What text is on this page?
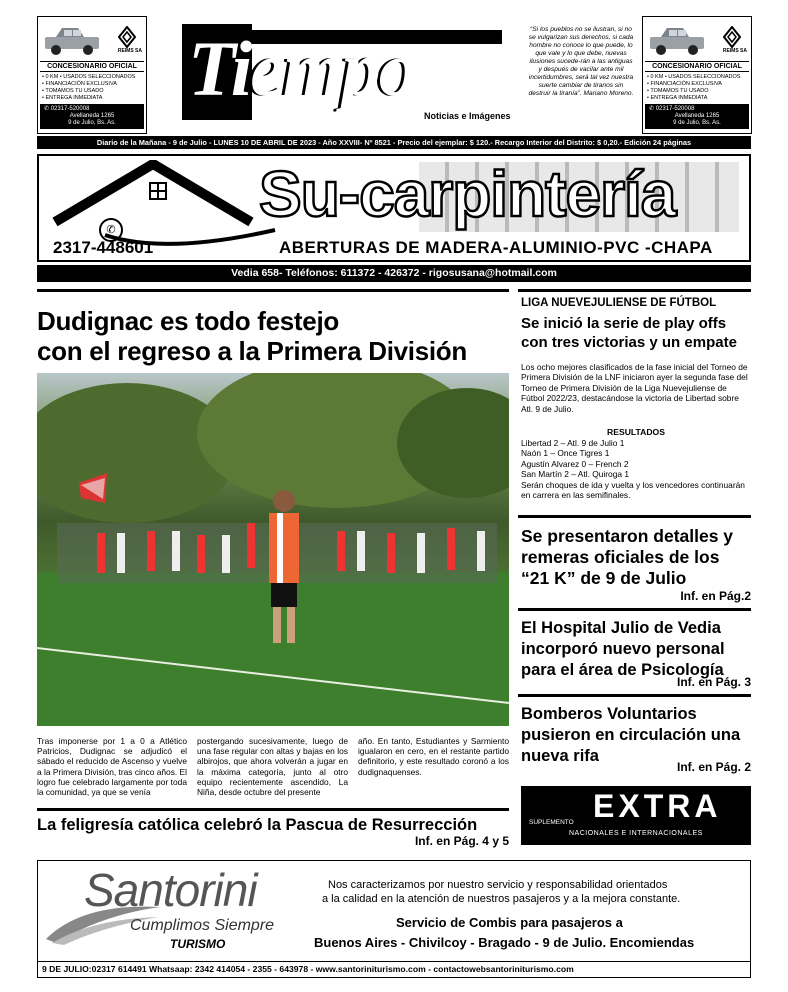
REIMS SA
CONCESIONARIO OFICIAL
• 0 KM • USADOS SELECCIONADOS
• FINANCIACIÓN EXCLUSIVA
• TOMAMOS TU USADO
• ENTREGA INMEDIATA
✆ 02317-520008
Avellaneda 1265
9 de Julio, Bs. As.
REIMS SA
CONCESIONARIO OFICIAL
• 0 KM • USADOS SELECCIONADOS
• FINANCIACIÓN EXCLUSIVA
• TOMAMOS TU USADO
• ENTREGA INMEDIATA
✆ 02317-520008
Avellaneda 1265
9 de Julio, Bs. As.
Tiempo
Noticias e Imágenes
“Si los pueblos no se ilustran, si no se vulgarizan sus derechos, si cada hombre no conoce lo que puede, lo que vale y lo que debe, nuevas ilusiones sucede-rán a las antiguas y después de vacilar ante mil incertidumbres, será tal vez nuestra suerte cambiar de tiranos sin destruir la tiranía”. Mariano Moreno.
Diario de la Mañana - 9 de Julio - LUNES 10 DE ABRIL DE 2023 - Año XXVIII- Nº 8521 - Precio del ejemplar: $ 120.- Recargo Interior del Distrito: $ 0,20.- Edición 24 páginas
Su-carpintería
✆
2317-448601	ABERTURAS DE MADERA-ALUMINIO-PVC -CHAPA
Vedia 658- Teléfonos: 611372 - 426372 - rigosusana@hotmail.com
Dudignac es todo festejo
con el regreso a la Primera División
Tras imponerse por 1 a 0 a Atlético Patricios, Dudignac se adjudicó el sábado el reducido de Ascenso y vuelve a la Primera División, tras cinco años. El logro fue celebrado largamente por toda la comunidad, ya que se venía
postergando sucesivamente, luego de una fase regular con altas y bajas en los albirojos, que ahora volverán a jugar en la máxima categoría, junto al otro equipo recientemente ascendido, La Niña, desde octubre del presente
año. En tanto, Estudiantes y Sarmiento igualaron en cero, en el restante partido definitorio, y este resultado coronó a los dudignaquenses.
La feligresía católica celebró la Pascua de Resurrección
Inf. en Pág. 4 y 5
LIGA NUEVEJULIENSE DE FÚTBOL
Se inició la serie de play offs
con tres victorias y un empate
Los ocho mejores clasificados de la fase inicial del Torneo de Primera División de la LNF iniciaron ayer la segunda fase del Torneo de Primera División de la Liga Nuevejuliense de Fútbol 2022/23, destacándose la victoria de Libertad sobre Atl. 9 de Julio.
RESULTADOS
Libertad 2 – Atl. 9 de Julio 1
Naón 1 – Once Tigres 1
Agustín Alvarez 0 – French 2
San Martín 2 – Atl. Quiroga 1
Serán choques de ida y vuelta y los vencedores continuarán en carrera en las semifinales.
Se presentaron detalles y remeras oficiales de los “21 K” de 9 de Julio
Inf. en Pág.2
El Hospital Julio de Vedia incorporó nuevo personal para el área de Psicología
Inf. en Pág. 3
Bomberos Voluntarios pusieron en circulación una nueva rifa
Inf. en Pág. 2
SUPLEMENTO EXTRA
NACIONALES E INTERNACIONALES
Santorini
Cumplimos Siempre
TURISMO
Nos caracterizamos por nuestro servicio y responsabilidad orientados
a la calidad en la atención de nuestros pasajeros y a la mejora constante.
Servicio de Combis para pasajeros a
Buenos Aires - Chivilcoy - Bragado - 9 de Julio. Encomiendas
9 DE JULIO:02317 614491 Whatsaap: 2342 414054 - 2355 - 643978 - www.santoriniturismo.com - contactowebsantoriniturismo.com
